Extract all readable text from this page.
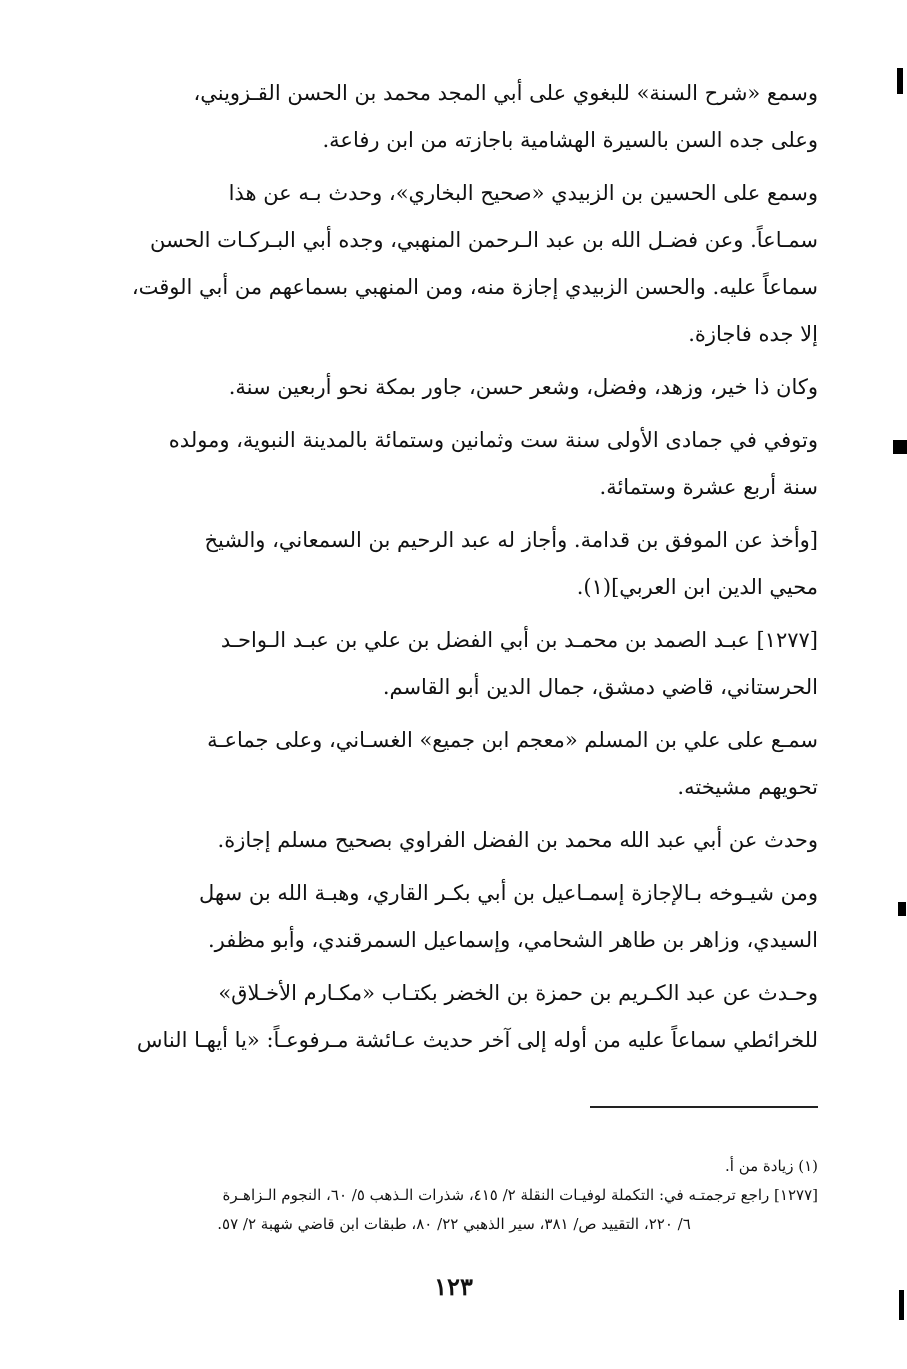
وسمع «شرح السنة» للبغوي على أبي المجد محمد بن الحسن القـزويني،
وعلى جده السن بالسيرة الهشامية باجازته من ابن رفاعة.

وسمع على الحسين بن الزبيدي «صحيح البخاري»، وحدث بـه عن هذا
سمـاعاً. وعن فضـل الله بن عبد الـرحمن المنهبي، وجده أبي البـركـات الحسن
سماعاً عليه. والحسن الزبيدي إجازة منه، ومن المنهبي بسماعهم من أبي الوقت،
إلا جده فاجازة.

وكان ذا خير، وزهد، وفضل، وشعر حسن، جاور بمكة نحو أربعين سنة.

وتوفي في جمادى الأولى سنة ست وثمانين وستمائة بالمدينة النبوية، ومولده
سنة أربع عشرة وستمائة.

[وأخذ عن الموفق بن قدامة. وأجاز له عبد الرحيم بن السمعاني، والشيخ
محيي الدين ابن العربي](١).

[١٢٧٧] عبـد الصمد بن محمـد بن أبي الفضل بن علي بن عبـد الـواحـد
الحرستاني، قاضي دمشق، جمال الدين أبو القاسم.

سمـع على علي بن المسلم «معجم ابن جميع» الغسـاني، وعلى جماعـة
تحويهم مشيخته.

وحدث عن أبي عبد الله محمد بن الفضل الفراوي بصحيح مسلم إجازة.

ومن شيـوخه بـالإجازة إسمـاعيل بن أبي بكـر القاري، وهبـة الله بن سهل
السيدي، وزاهر بن طاهر الشحامي، وإسماعيل السمرقندي، وأبو مظفر.

وحـدث عن عبد الكـريم بن حمزة بن الخضر بكتـاب «مكـارم الأخـلاق»
للخرائطي سماعاً عليه من أوله إلى آخر حديث عـائشة مـرفوعـاً: «يا أيهـا الناس

(١) زيادة من أ.
[١٢٧٧] راجع ترجمتـه في: التكملة لوفيـات النقلة ٢/ ٤١٥، شذرات الـذهب ٥/ ٦٠، النجوم الـزاهـرة
٦/ ٢٢٠، التقييد ص/ ٣٨١، سير الذهبي ٢٢/ ٨٠، طبقات ابن قاضي شهبة ٢/ ٥٧.
١٢٣
